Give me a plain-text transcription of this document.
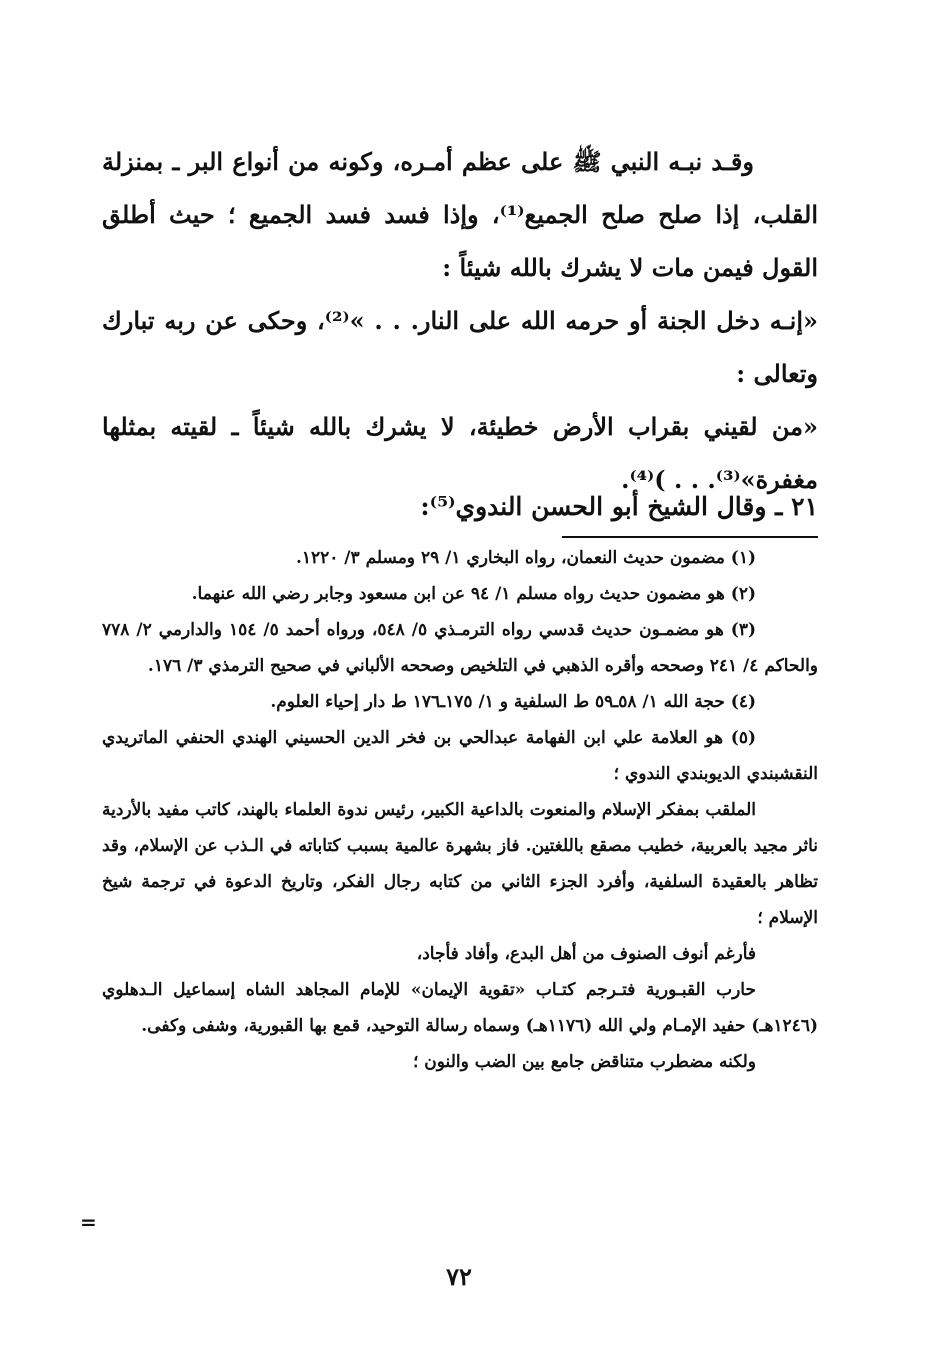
وقـد نبـه النبي ﷺ على عظم أمـره، وكونه من أنواع البر ـ بمنزلة القلب، إذا صلح صلح الجميع⁽¹⁾، وإذا فسد فسد الجميع ؛ حيث أطلق القول فيمن مات لا يشرك بالله شيئاً :

«إنـه دخل الجنة أو حرمه الله على النار. . . »⁽²⁾، وحكى عن ربه تبارك وتعالى :

«من لقيني بقراب الأرض خطيئة، لا يشرك بالله شيئاً ـ لقيته بمثلها مغفرة»⁽³⁾. . . )⁽⁴⁾.

٢١ ـ وقال الشيخ أبو الحسن الندوي⁽⁵⁾:

(١) مضمون حديث النعمان، رواه البخاري ١/ ٢٩ ومسلم ٣/ ١٢٢٠.

(٢) هو مضمون حديث رواه مسلم ١/ ٩٤ عن ابن مسعود وجابر رضي الله عنهما.

(٣) هو مضمـون حديث قدسي رواه الترمـذي ٥/ ٥٤٨، ورواه أحمد ٥/ ١٥٤ والدارمي ٢/ ٧٧٨ والحاكم ٤/ ٢٤١ وصححه وأقره الذهبي في التلخيص وصححه الألباني في صحيح الترمذي ٣/ ١٧٦.

(٤) حجة الله ١/ ٥٨ـ٥٩ ط السلفية و ١/ ١٧٥ـ١٧٦ ط دار إحياء العلوم.

(٥) هو العلامة علي ابن الفهامة عبدالحي بن فخر الدين الحسيني الهندي الحنفي الماتريدي النقشبندي الديوبندي الندوي ؛

الملقب بمفكر الإسلام والمنعوت بالداعية الكبير، رئيس ندوة العلماء بالهند، كاتب مفيد بالأردية ناثر مجيد بالعربية، خطيب مصقع باللغتين. فاز بشهرة عالمية بسبب كتاباته في الـذب عن الإسلام، وقد تظاهر بالعقيدة السلفية، وأفرد الجزء الثاني من كتابه رجال الفكر، وتاريخ الدعوة في ترجمة شيخ الإسلام ؛

فأرغم أنوف الصنوف من أهل البدع، وأفاد فأجاد،

حارب القبـورية فتـرجم كتـاب «تقوية الإيمان» للإمام المجاهد الشاه إسماعيل الـدهلوي (١٢٤٦هـ) حفيد الإمـام ولي الله (١١٧٦هـ) وسماه رسالة التوحيد، قمع بها القبورية، وشفى وكفى.

ولكنه مضطرب متناقض جامع بين الضب والنون ؛

=
٧٢
